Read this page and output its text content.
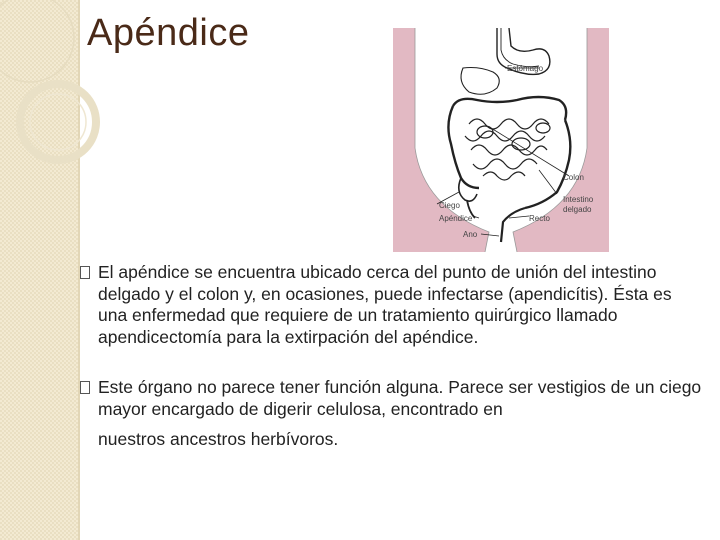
Apéndice
Estómago
Colon
Intestino
delgado
Ciego
Apéndice	Recto
Ano
El apéndice se encuentra ubicado cerca del punto de unión del intestino delgado y el colon y, en ocasiones, puede infectarse (apendicítis). Ésta es una enfermedad que requiere de un tratamiento quirúrgico llamado apendicectomía para la extirpación del apéndice.
Este órgano no parece tener función alguna. Parece ser vestigios de un ciego mayor encargado de digerir celulosa, encontrado en
nuestros ancestros herbívoros.
